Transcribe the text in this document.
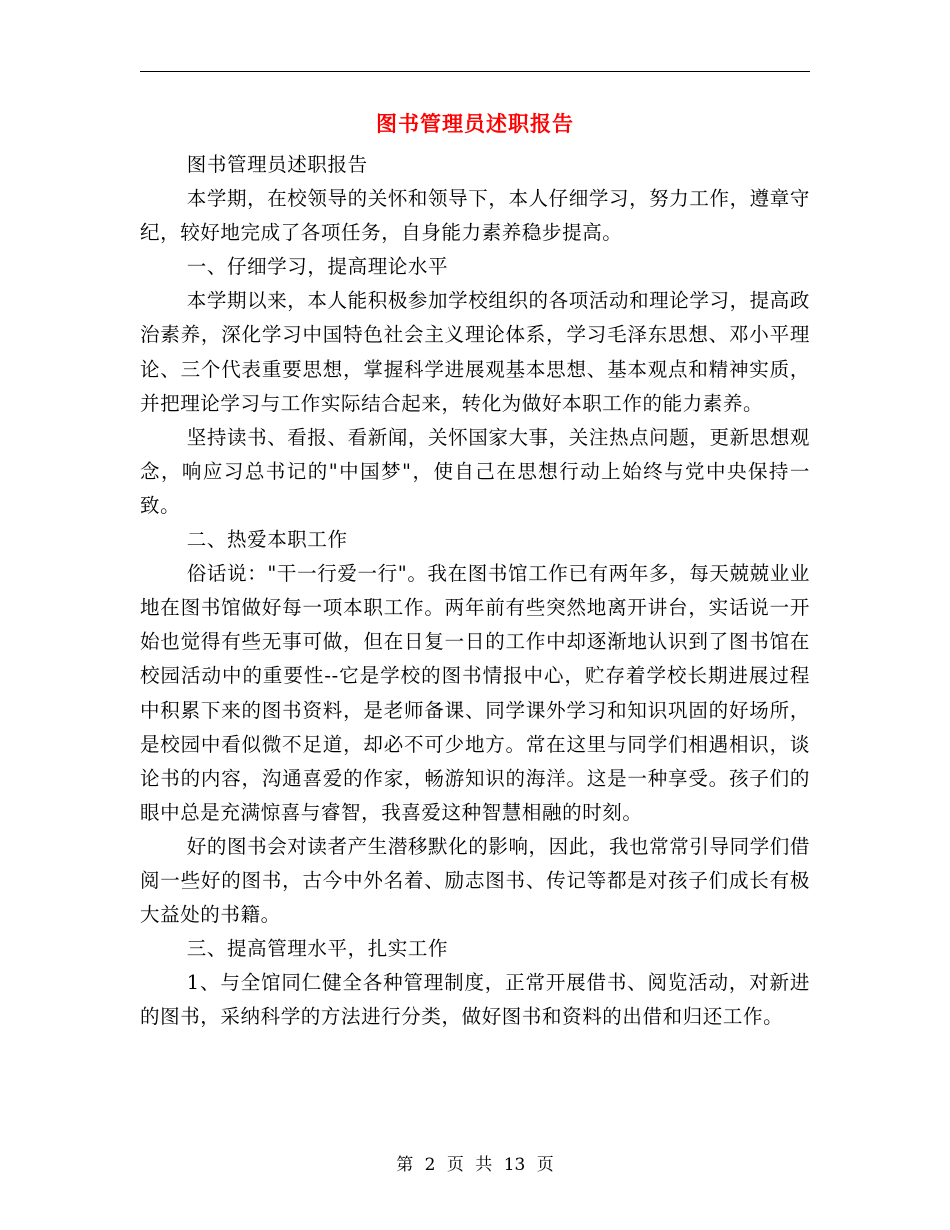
图书管理员述职报告

图书管理员述职报告

本学期，在校领导的关怀和领导下，本人仔细学习，努力工作，遵章守纪，较好地完成了各项任务，自身能力素养稳步提高。

一、仔细学习，提高理论水平

本学期以来，本人能积极参加学校组织的各项活动和理论学习，提高政治素养，深化学习中国特色社会主义理论体系，学习毛泽东思想、邓小平理论、三个代表重要思想，掌握科学进展观基本思想、基本观点和精神实质，并把理论学习与工作实际结合起来，转化为做好本职工作的能力素养。

坚持读书、看报、看新闻，关怀国家大事，关注热点问题，更新思想观念，响应习总书记的"中国梦"，使自己在思想行动上始终与党中央保持一致。

二、热爱本职工作

俗话说："干一行爱一行"。我在图书馆工作已有两年多，每天兢兢业业地在图书馆做好每一项本职工作。两年前有些突然地离开讲台，实话说一开始也觉得有些无事可做，但在日复一日的工作中却逐渐地认识到了图书馆在校园活动中的重要性--它是学校的图书情报中心，贮存着学校长期进展过程中积累下来的图书资料，是老师备课、同学课外学习和知识巩固的好场所，是校园中看似微不足道，却必不可少地方。常在这里与同学们相遇相识，谈论书的内容，沟通喜爱的作家，畅游知识的海洋。这是一种享受。孩子们的眼中总是充满惊喜与睿智，我喜爱这种智慧相融的时刻。

好的图书会对读者产生潜移默化的影响，因此，我也常常引导同学们借阅一些好的图书，古今中外名着、励志图书、传记等都是对孩子们成长有极大益处的书籍。

三、提高管理水平，扎实工作

1、与全馆同仁健全各种管理制度，正常开展借书、阅览活动，对新进的图书，采纳科学的方法进行分类，做好图书和资料的出借和归还工作。

第 2 页 共 13 页
